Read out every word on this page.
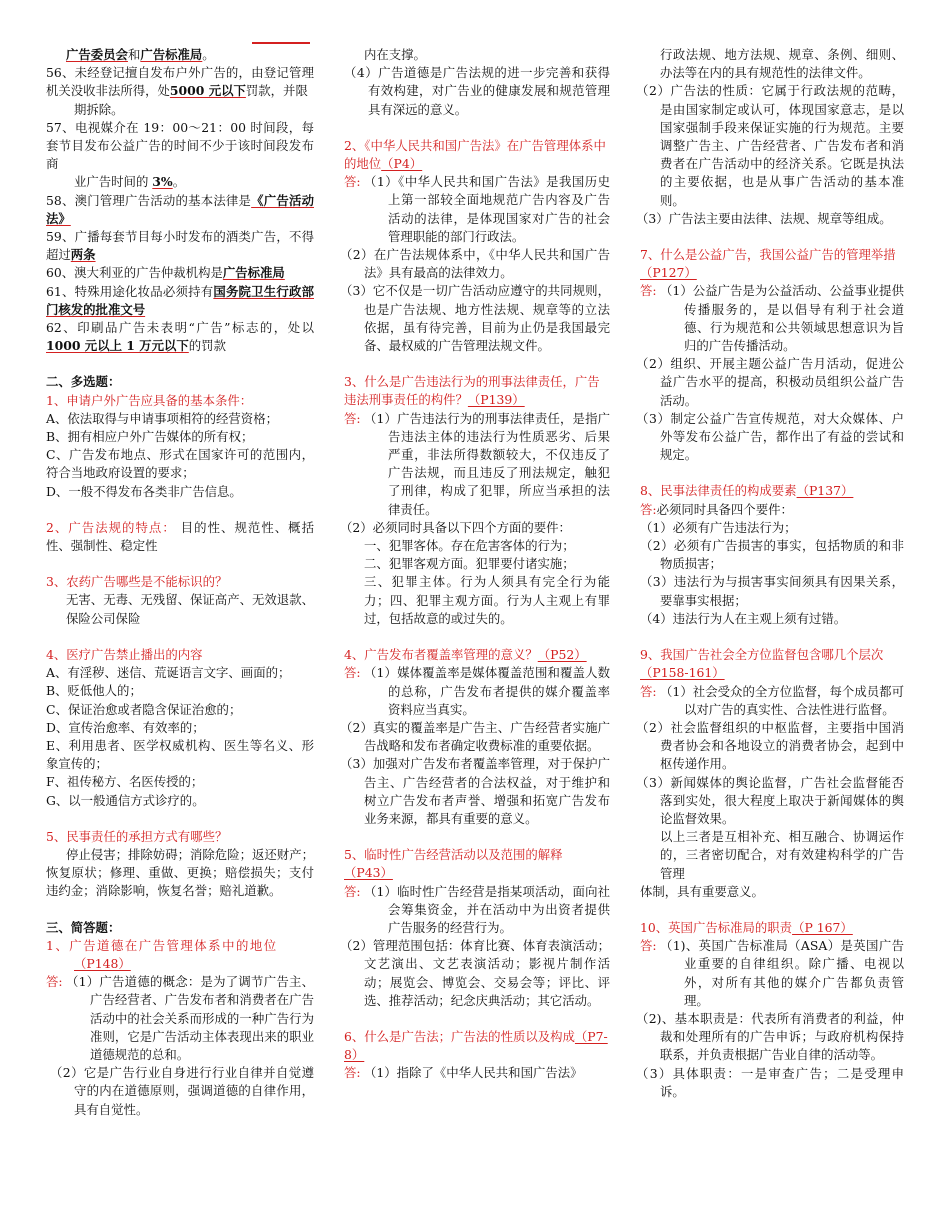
广告委员会和广告标准局。

56、未经登记擅自发布户外广告的，由登记管理机关没收非法所得，处5000 元以下罚款，并限

期拆除。

57、电视媒介在 19：00～21：00 时间段，每套节目发布公益广告的时间不少于该时间段发布商

业广告时间的 3%。

58、澳门管理广告活动的基本法律是《广告活动法》

59、广播每套节目每小时发布的酒类广告，不得超过两条

60、澳大利亚的广告仲裁机构是广告标准局

61、特殊用途化妆品必须持有国务院卫生行政部门核发的批准文号

62、印刷品广告未表明“广告”标志的，处以 1000 元以上 1 万元以下的罚款

二、多选题：

1、申请户外广告应具备的基本条件：

A、依法取得与申请事项相符的经营资格；

B、拥有相应户外广告媒体的所有权；

C、广告发布地点、形式在国家许可的范围内，符合当地政府设置的要求；

D、一般不得发布各类非广告信息。

2、广告法规的特点： 目的性、规范性、概括性、强制性、稳定性

3、农药广告哪些是不能标识的？

无害、无毒、无残留、保证高产、无效退款、保险公司保险

4、医疗广告禁止播出的内容

A、有淫秽、迷信、荒诞语言文字、画面的；

B、贬低他人的；

C、保证治愈或者隐含保证治愈的；

D、宣传治愈率、有效率的；

E、利用患者、医学权威机构、医生等名义、形象宣传的；

F、祖传秘方、名医传授的；

G、以一般通信方式诊疗的。

5、民事责任的承担方式有哪些？

停止侵害；排除妨碍；消除危险；返还财产；恢复原状；修理、重做、更换；赔偿损失；支付违约金；消除影响，恢复名誉；赔礼道歉。

三、简答题：

1、广告道德在广告管理体系中的地位

（P148）

答: （1）广告道德的概念：是为了调节广告主、广告经营者、广告发布者和消费者在广告活动中的社会关系而形成的一种广告行为准则，它是广告活动主体表现出来的职业道德规范的总和。

（2）它是广告行业自身进行行业自律并自觉遵守的内在道德原则，强调道德的自律作用，具有自觉性。

内在支撑。

（4）广告道德是广告法规的进一步完善和获得有效构建，对广告业的健康发展和规范管理具有深远的意义。

2、《中华人民共和国广告法》在广告管理体系中的地位（P4）

答: （1）《中华人民共和国广告法》是我国历史上第一部较全面地规范广告内容及广告活动的法律，是体现国家对广告的社会管理职能的部门行政法。

（2）在广告法规体系中，《中华人民共和国广告法》具有最高的法律效力。

（3）它不仅是一切广告活动应遵守的共同规则，也是广告法规、地方性法规、规章等的立法依据，虽有待完善，目前为止仍是我国最完备、最权威的广告管理法规文件。

3、什么是广告违法行为的刑事法律责任，广告违法刑事责任的构件？（P139）

答: （1）广告违法行为的刑事法律责任，是指广告违法主体的违法行为性质恶劣、后果严重，非法所得数额较大，不仅违反了广告法规，而且违反了刑法规定，触犯了刑律，构成了犯罪，所应当承担的法律责任。

（2）必须同时具备以下四个方面的要件：

一、犯罪客体。存在危害客体的行为；

二、犯罪客观方面。犯罪要付诸实施；

三、犯罪主体。行为人须具有完全行为能力；四、犯罪主观方面。行为人主观上有罪过，包括故意的或过失的。

4、广告发布者覆盖率管理的意义？（P52）

答: （1）媒体覆盖率是媒体覆盖范围和覆盖人数的总称，广告发布者提供的媒介覆盖率资料应当真实。

（2）真实的覆盖率是广告主、广告经营者实施广告战略和发布者确定收费标准的重要依据。

（3）加强对广告发布者覆盖率管理，对于保护广告主、广告经营者的合法权益，对于维护和树立广告发布者声誉、增强和拓宽广告发布业务来源，都具有重要的意义。

5、临时性广告经营活动以及范围的解释（P43）

答: （1）临时性广告经营是指某项活动，面向社会筹集资金，并在活动中为出资者提供广告服务的经营行为。

（2）管理范围包括：体育比赛、体育表演活动；文艺演出、文艺表演活动；影视片制作活动；展览会、博览会、交易会等；评比、评选、推荐活动；纪念庆典活动；其它活动。

6、什么是广告法；广告法的性质以及构成（P7-8）

答: （1）指除了《中华人民共和国广告法》

行政法规、地方法规、规章、条例、细则、办法等在内的具有规范性的法律文件。

（2）广告法的性质：它属于行政法规的范畴，是由国家制定或认可，体现国家意志，是以国家强制手段来保证实施的行为规范。主要调整广告主、广告经营者、广告发布者和消费者在广告活动中的经济关系。它既是执法的主要依据，也是从事广告活动的基本准则。

（3）广告法主要由法律、法规、规章等组成。

7、什么是公益广告，我国公益广告的管理举措（P127）

答: （1）公益广告是为公益活动、公益事业提供传播服务的，是以倡导有利于社会道德、行为规范和公共领域思想意识为旨归的广告传播活动。

（2）组织、开展主题公益广告月活动，促进公益广告水平的提高，积极动员组织公益广告活动。

（3）制定公益广告宣传规范，对大众媒体、户外等发布公益广告，都作出了有益的尝试和规定。

8、民事法律责任的构成要素（P137）

答:必须同时具备四个要件：

（1）必须有广告违法行为；

（2）必须有广告损害的事实，包括物质的和非物质损害；

（3）违法行为与损害事实间须具有因果关系，要靠事实根据；

（4）违法行为人在主观上须有过错。

9、我国广告社会全方位监督包含哪几个层次（P158-161）

答: （1）社会受众的全方位监督，每个成员都可以对广告的真实性、合法性进行监督。

（2）社会监督组织的中枢监督，主要指中国消费者协会和各地设立的消费者协会，起到中枢传递作用。

（3）新闻媒体的舆论监督，广告社会监督能否落到实处，很大程度上取决于新闻媒体的舆论监督效果。

以上三者是互相补充、相互融合、协调运作的，三者密切配合，对有效建构科学的广告管理

体制，具有重要意义。

10、英国广告标准局的职责（P 167）

答: （1)、英国广告标准局（ASA）是英国广告业重要的自律组织。除广播、电视以外，对所有其他的媒介广告都负责管理。

（2)、基本职责是：代表所有消费者的利益，仲裁和处理所有的广告申诉；与政府机构保持联系，并负责根据广告业自律的活动等。

（3）具体职责：一是审查广告；二是受理申诉。
